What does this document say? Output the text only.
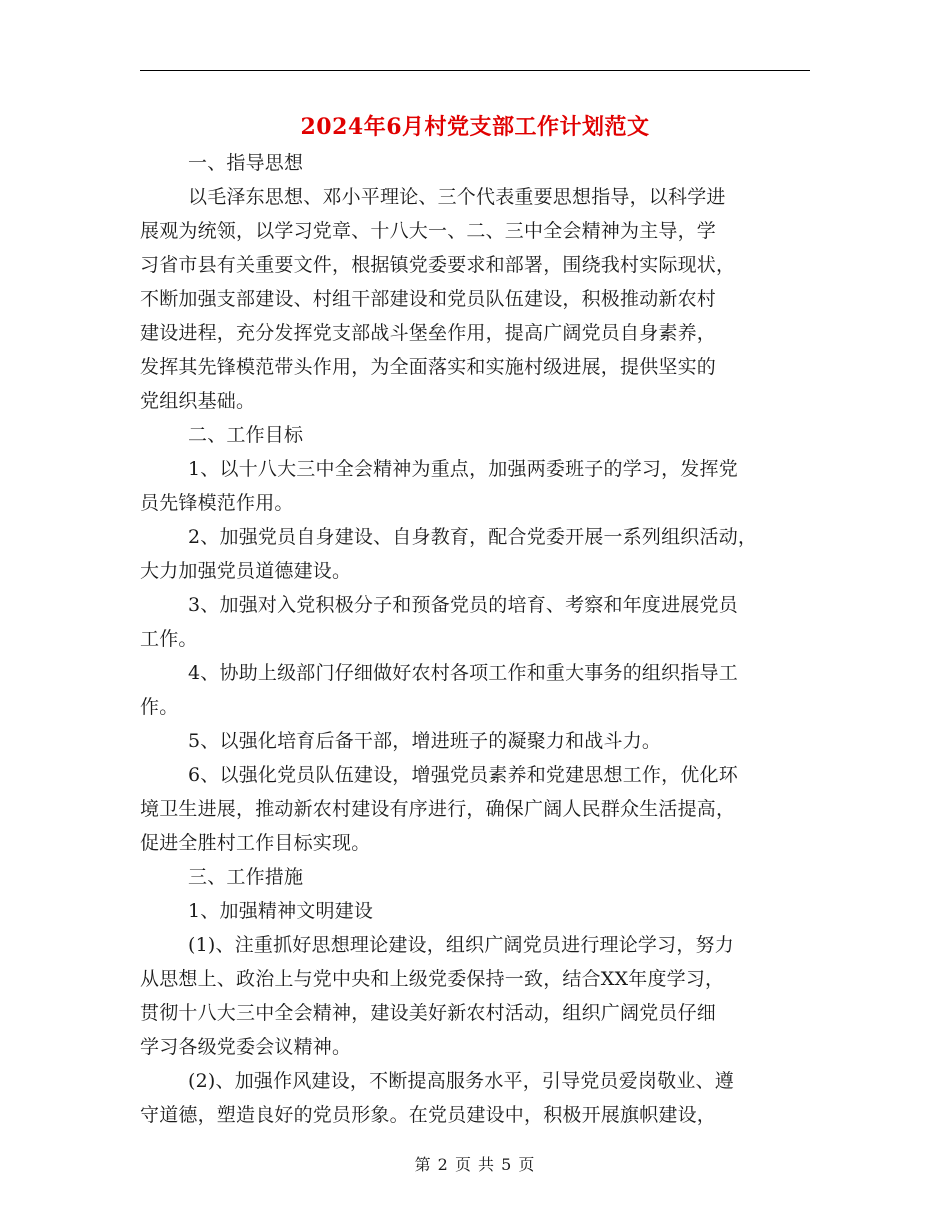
2024年6月村党支部工作计划范文
一、指导思想
以毛泽东思想、邓小平理论、三个代表重要思想指导，以科学进
展观为统领，以学习党章、十八大一、二、三中全会精神为主导，学
习省市县有关重要文件，根据镇党委要求和部署，围绕我村实际现状，
不断加强支部建设、村组干部建设和党员队伍建设，积极推动新农村
建设进程，充分发挥党支部战斗堡垒作用，提高广阔党员自身素养，
发挥其先锋模范带头作用，为全面落实和实施村级进展，提供坚实的
党组织基础。
二、工作目标
1、以十八大三中全会精神为重点，加强两委班子的学习，发挥党
员先锋模范作用。
2、加强党员自身建设、自身教育，配合党委开展一系列组织活动，
大力加强党员道德建设。
3、加强对入党积极分子和预备党员的培育、考察和年度进展党员
工作。
4、协助上级部门仔细做好农村各项工作和重大事务的组织指导工
作。
5、以强化培育后备干部，增进班子的凝聚力和战斗力。
6、以强化党员队伍建设，增强党员素养和党建思想工作，优化环
境卫生进展，推动新农村建设有序进行，确保广阔人民群众生活提高，
促进全胜村工作目标实现。
三、工作措施
1、加强精神文明建设
(1)、注重抓好思想理论建设，组织广阔党员进行理论学习，努力
从思想上、政治上与党中央和上级党委保持一致，结合XX年度学习，
贯彻十八大三中全会精神，建设美好新农村活动，组织广阔党员仔细
学习各级党委会议精神。
(2)、加强作风建设，不断提高服务水平，引导党员爱岗敬业、遵
守道德，塑造良好的党员形象。在党员建设中，积极开展旗帜建设，
第 2 页 共 5 页
